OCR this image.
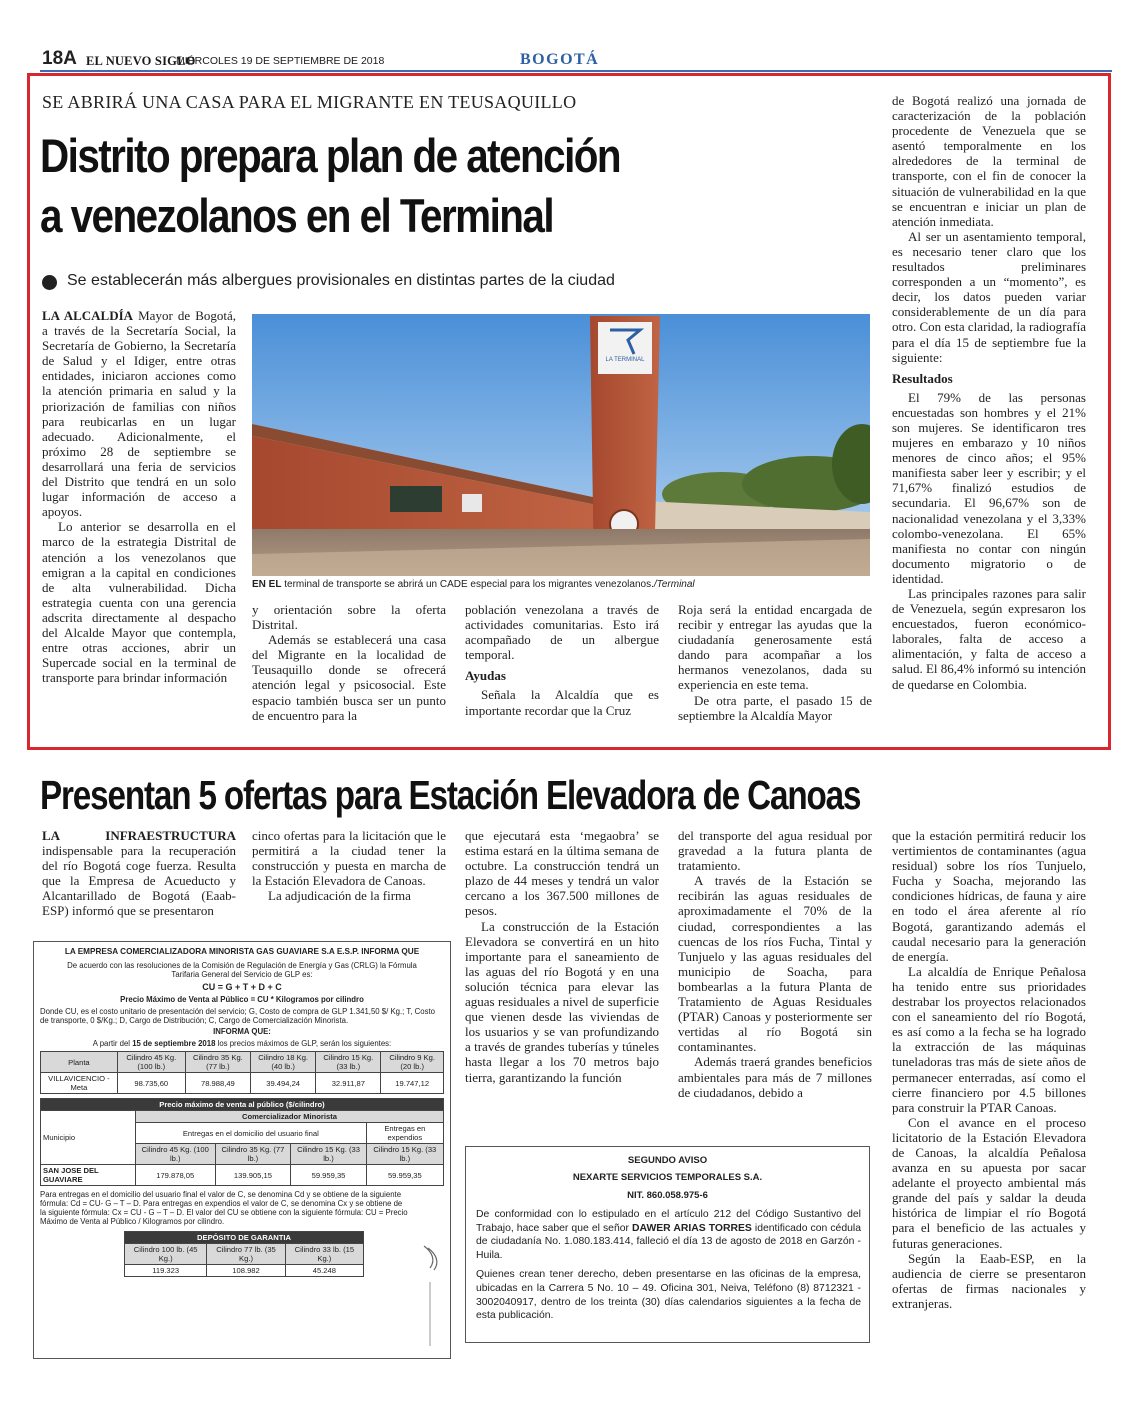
18A EL NUEVO SIGLO
MIÉRCOLES 19 DE SEPTIEMBRE DE 2018	BOGOTÁ
SE ABRIRÁ UNA CASA PARA EL MIGRANTE EN TEUSAQUILLO
Distrito prepara plan de atención
a venezolanos en el Terminal
Se establecerán más albergues provisionales en distintas partes de la ciudad

LA ALCALDÍA Mayor de Bogotá, a través de la Secretaría Social, la Secretaría de Gobierno, la Secretaría de Salud y el Idiger, entre otras entidades, iniciaron acciones como la atención primaria en salud y la priorización de familias con niños para reubicarlas en un lugar adecuado. Adicionalmente, el próximo 28 de septiembre se desarrollará una feria de servicios del Distrito que tendrá en un solo lugar información de acceso a apoyos.

Lo anterior se desarrolla en el marco de la estrategia Distrital de atención a los venezolanos que emigran a la capital en condiciones de alta vulnerabilidad. Dicha estrategia cuenta con una gerencia adscrita directamente al despacho del Alcalde Mayor que contempla, entre otras acciones, abrir un Supercade social en la terminal de transporte para brindar información

LA TERMINAL
EN EL terminal de transporte se abrirá un CADE especial para los migrantes venezolanos./Terminal

y orientación sobre la oferta Distrital.

Además se establecerá una casa del Migrante en la localidad de Teusaquillo donde se ofrecerá atención legal y psicosocial. Este espacio también busca ser un punto de encuentro para la

población venezolana a través de actividades comunitarias. Esto irá acompañado de un albergue temporal.

Ayudas

Señala la Alcaldía que es importante recordar que la Cruz

Roja será la entidad encargada de recibir y entregar las ayudas que la ciudadanía generosamente está dando para acompañar a los hermanos venezolanos, dada su experiencia en este tema.

De otra parte, el pasado 15 de septiembre la Alcaldía Mayor

de Bogotá realizó una jornada de caracterización de la población procedente de Venezuela que se asentó temporalmente en los alrededores de la terminal de transporte, con el fin de conocer la situación de vulnerabilidad en la que se encuentran e iniciar un plan de atención inmediata.

Al ser un asentamiento temporal, es necesario tener claro que los resultados preliminares corresponden a un “momento”, es decir, los datos pueden variar considerablemente de un día para otro. Con esta claridad, la radiografía para el día 15 de septiembre fue la siguiente:

Resultados

El 79% de las personas encuestadas son hombres y el 21% son mujeres. Se identificaron tres mujeres en embarazo y 10 niños menores de cinco años; el 95% manifiesta saber leer y escribir; y el 71,67% finalizó estudios de secundaria. El 96,67% son de nacionalidad venezolana y el 3,33% colombo-venezolana. El 65% manifiesta no contar con ningún documento migratorio o de identidad.

Las principales razones para salir de Venezuela, según expresaron los encuestados, fueron económico-laborales, falta de acceso a alimentación, y falta de acceso a salud. El 86,4% informó su intención de quedarse en Colombia.

Presentan 5 ofertas para Estación Elevadora de Canoas

LA INFRAESTRUCTURA indispensable para la recuperación del río Bogotá coge fuerza. Resulta que la Empresa de Acueducto y Alcantarillado de Bogotá (Eaab-ESP) informó que se presentaron

cinco ofertas para la licitación que le permitirá a la ciudad tener la construcción y puesta en marcha de la Estación Elevadora de Canoas.

La adjudicación de la firma

que ejecutará esta ‘megaobra’ se estima estará en la última semana de octubre. La construcción tendrá un plazo de 44 meses y tendrá un valor cercano a los 367.500 millones de pesos.

La construcción de la Estación Elevadora se convertirá en un hito importante para el saneamiento de las aguas del río Bogotá y en una solución técnica para elevar las aguas residuales a nivel de superficie que vienen desde las viviendas de los usuarios y se van profundizando a través de grandes tuberías y túneles hasta llegar a los 70 metros bajo tierra, garantizando la función

del transporte del agua residual por gravedad a la futura planta de tratamiento.

A través de la Estación se recibirán las aguas residuales de aproximadamente el 70% de la ciudad, correspondientes a las cuencas de los ríos Fucha, Tintal y Tunjuelo y las aguas residuales del municipio de Soacha, para bombearlas a la futura Planta de Tratamiento de Aguas Residuales (PTAR) Canoas y posteriormente ser vertidas al río Bogotá sin contaminantes.

Además traerá grandes beneficios ambientales para más de 7 millones de ciudadanos, debido a

que la estación permitirá reducir los vertimientos de contaminantes (agua residual) sobre los ríos Tunjuelo, Fucha y Soacha, mejorando las condiciones hídricas, de fauna y aire en todo el área aferente al río Bogotá, garantizando además el caudal necesario para la generación de energía.

La alcaldía de Enrique Peñalosa ha tenido entre sus prioridades destrabar los proyectos relacionados con el saneamiento del río Bogotá, es así como a la fecha se ha logrado la extracción de las máquinas tuneladoras tras más de siete años de permanecer enterradas, así como el cierre financiero por 4.5 billones para construir la PTAR Canoas.

Con el avance en el proceso licitatorio de la Estación Elevadora de Canoas, la alcaldía Peñalosa avanza en su apuesta por sacar adelante el proyecto ambiental más grande del país y saldar la deuda histórica de limpiar el río Bogotá para el beneficio de las actuales y futuras generaciones.

Según la Eaab-ESP, en la audiencia de cierre se presentaron ofertas de firmas nacionales y extranjeras.

LA EMPRESA COMERCIALIZADORA MINORISTA GAS GUAVIARE S.A E.S.P. INFORMA QUE
De acuerdo con las resoluciones de la Comisión de Regulación de Energía y Gas (CRLG) la Fórmula Tarifaria General del Servicio de GLP es:
CU = G + T + D + C
Precio Máximo de Venta al Público = CU * Kilogramos por cilindro
Donde CU, es el costo unitario de presentación del servicio; G, Costo de compra de GLP 1.341,50 $/ Kg.; T, Costo de transporte, 0 $/Kg.; D, Cargo de Distribución; C, Cargo de Comercialización Minorista.
INFORMA QUE:
A partir del 15 de septiembre 2018 los precios máximos de GLP, serán los siguientes:
Planta	Cilindro 45 Kg. (100 lb.)	Cilindro 35 Kg. (77 lb.)	Cilindro 18 Kg. (40 lb.)	Cilindro 15 Kg. (33 lb.)	Cilindro 9 Kg. (20 lb.)
VILLAVICENCIO - Meta	98.735,60	78.988,49	39.494,24	32.911,87	19.747,12
Precio máximo de venta al público ($/cilindro)				
Municipio	Comercializador Minorista			
	Entregas en el domicilio del usuario final			Entregas en expendios
	Cilindro 45 Kg. (100 lb.)	Cilindro 35 Kg. (77 lb.)	Cilindro 15 Kg. (33 lb.)	Cilindro 15 Kg. (33 lb.)
SAN JOSE DEL GUAVIARE	179.878,05	139.905,15	59.959,35	59.959,35
Para entregas en el domicilio del usuario final el valor de C, se denomina Cd y se obtiene de la siguiente fórmula: Cd = CU- G – T – D. Para entregas en expendios el valor de C, se denomina Cx y se obtiene de la siguiente fórmula: Cx = CU - G – T – D. El valor del CU se obtiene con la siguiente fórmula: CU = Precio Máximo de Venta al Público / Kilogramos por cilindro.
DEPÓSITO DE GARANTIA		
Cilindro 100 lb. (45 Kg.)	Cilindro 77 lb. (35 Kg.)	Cilindro 33 lb. (15 Kg.)
119.323	108.982	45.248
SEGUNDO AVISO
NEXARTE SERVICIOS TEMPORALES S.A.
NIT. 860.058.975-6

De conformidad con lo estipulado en el artículo 212 del Código Sustantivo del Trabajo, hace saber que el señor DAWER ARIAS TORRES identificado con cédula de ciudadanía No. 1.080.183.414, falleció el día 13 de agosto de 2018 en Garzón - Huila.

Quienes crean tener derecho, deben presentarse en las oficinas de la empresa, ubicadas en la Carrera 5 No. 10 – 49. Oficina 301, Neiva, Teléfono (8) 8712321 - 3002040917, dentro de los treinta (30) días calendarios siguientes a la fecha de esta publicación.
